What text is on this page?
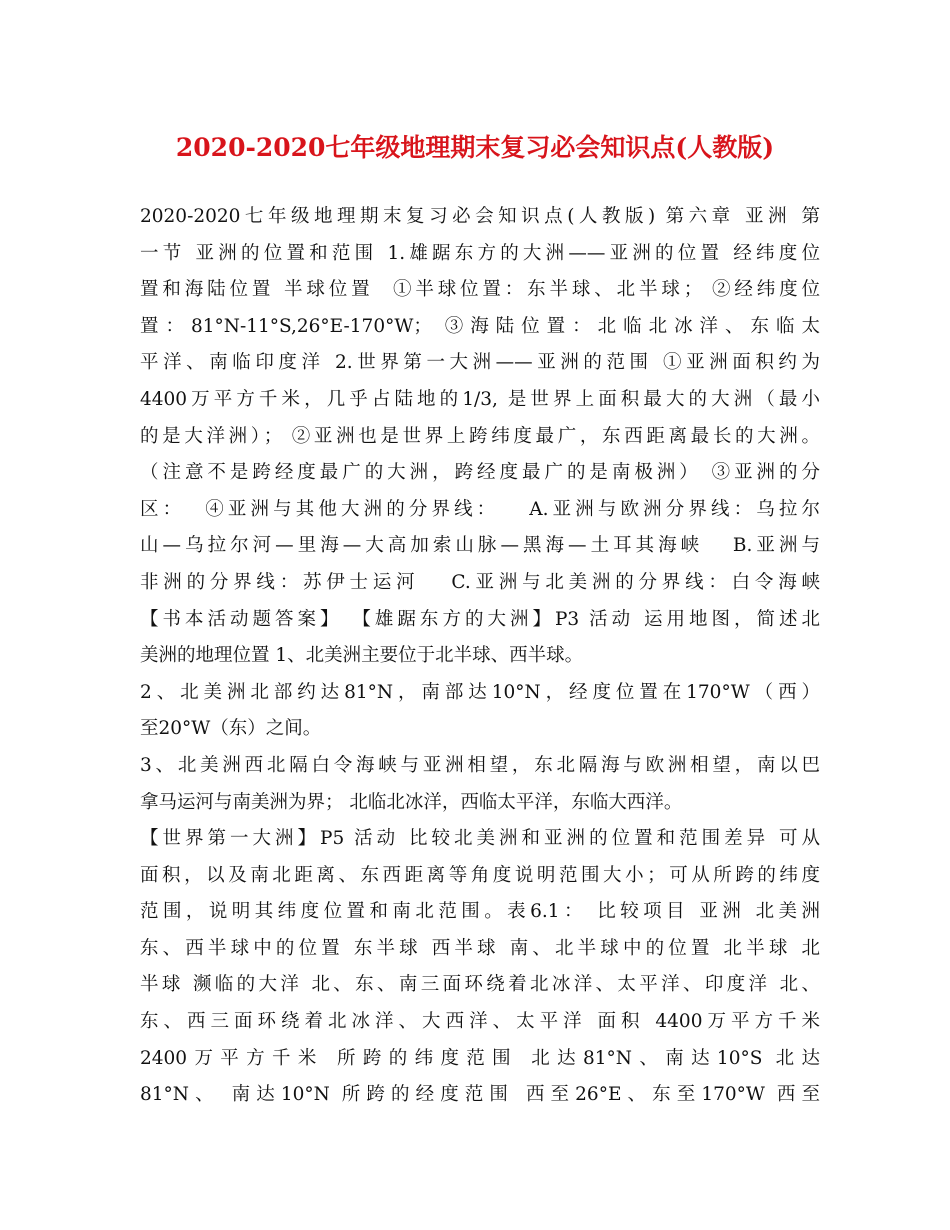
2020-2020七年级地理期末复习必会知识点(人教版)
2020-2020七年级地理期末复习必会知识点(人教版) 第六章 亚洲 第
一节 亚洲的位置和范围 1.雄踞东方的大洲——亚洲的位置 经纬度位
置和海陆位置 半球位置  ①半球位置：东半球、北半球； ②经纬度位
置：81°N-11°S,26°E-170°W； ③海陆位置：北临北冰洋、东临太
平洋、南临印度洋 2.世界第一大洲——亚洲的范围 ①亚洲面积约为
4400万平方千米，几乎占陆地的1/3, 是世界上面积最大的大洲（最小
的是大洋洲）； ②亚洲也是世界上跨纬度最广，东西距离最长的大洲。
（注意不是跨经度最广的大洲，跨经度最广的是南极洲） ③亚洲的分
区：  ④亚洲与其他大洲的分界线：   A.亚洲与欧洲分界线：乌拉尔
山—乌拉尔河—里海—大高加索山脉—黑海—土耳其海峡   B.亚洲与
非洲的分界线：苏伊士运河   C.亚洲与北美洲的分界线：白令海峡
【书本活动题答案】 【雄踞东方的大洲】P3 活动 运用地图，简述北
美洲的地理位置 1、北美洲主要位于北半球、西半球。
2、北美洲北部约达81°N，南部达10°N，经度位置在170°W（西）
至20°W（东）之间。
3、北美洲西北隔白令海峡与亚洲相望，东北隔海与欧洲相望，南以巴
拿马运河与南美洲为界； 北临北冰洋，西临太平洋，东临大西洋。
【世界第一大洲】P5 活动 比较北美洲和亚洲的位置和范围差异 可从
面积，以及南北距离、东西距离等角度说明范围大小；可从所跨的纬度
范围，说明其纬度位置和南北范围。表6.1： 比较项目 亚洲 北美洲
东、西半球中的位置 东半球 西半球 南、北半球中的位置 北半球 北
半球 濒临的大洋 北、东、南三面环绕着北冰洋、太平洋、印度洋 北、
东、西三面环绕着北冰洋、大西洋、太平洋 面积 4400万平方千米
2400万平方千米 所跨的纬度范围 北达81°N、南达10°S 北达
81°N、 南达10°N 所跨的经度范围 西至26°E、东至170°W 西至
